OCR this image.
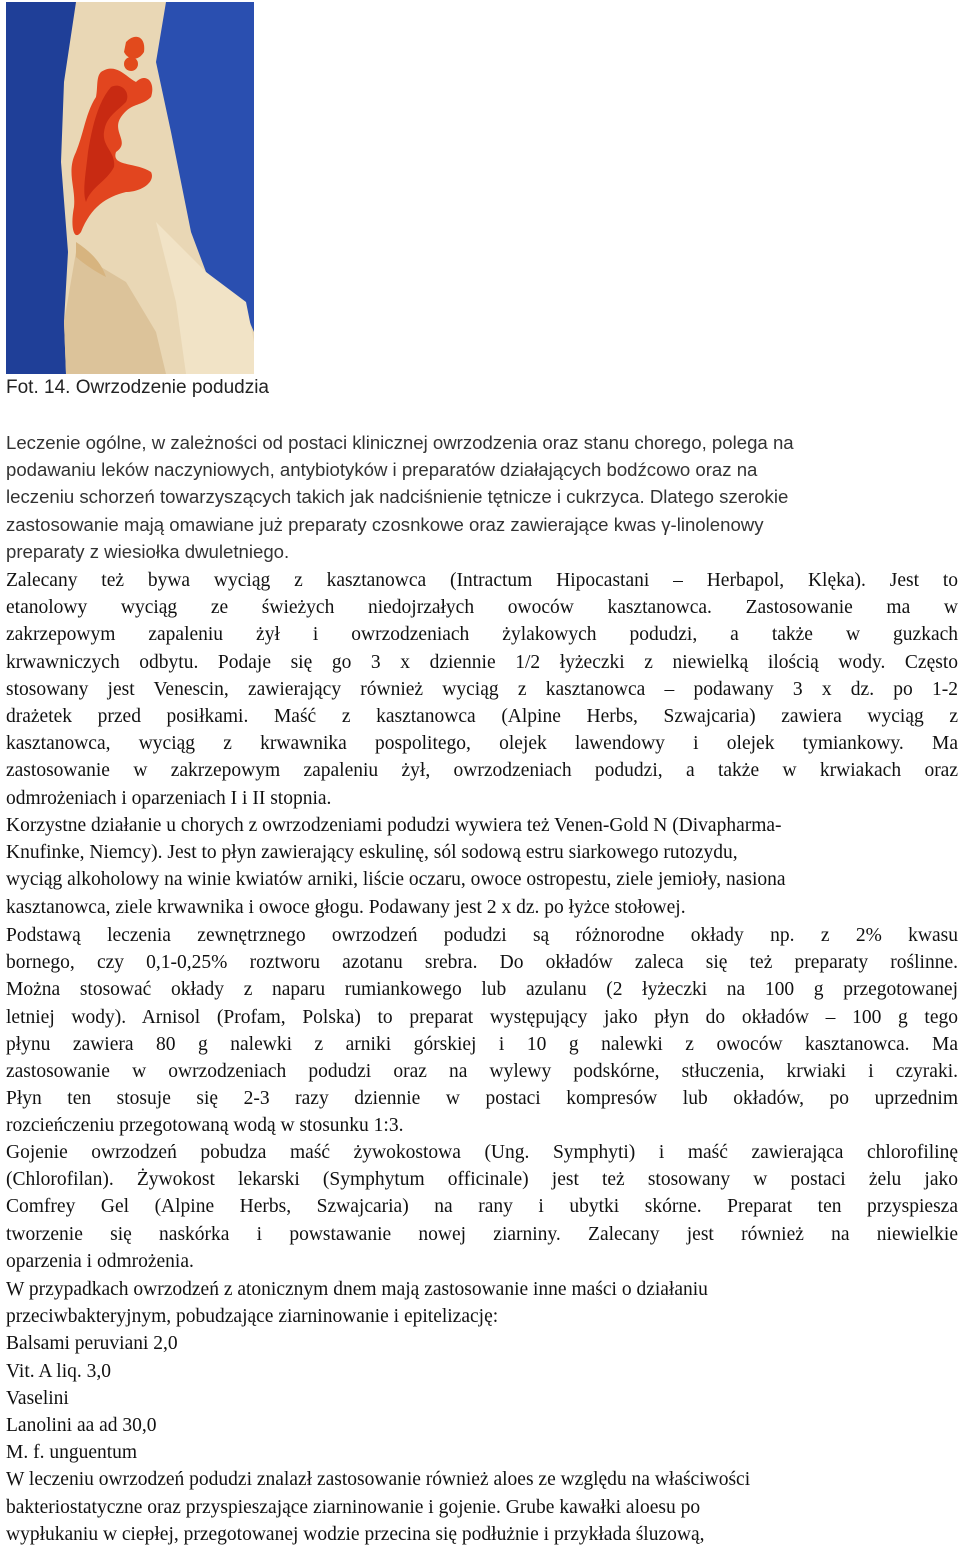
Fot. 14. Owrzodzenie podudzia
Leczenie ogólne, w zależności od postaci klinicznej owrzodzenia oraz stanu chorego, polega na
podawaniu leków naczyniowych, antybiotyków i preparatów działających bodźcowo oraz na
leczeniu schorzeń towarzyszących takich jak nadciśnienie tętnicze i cukrzyca. Dlatego szerokie
zastosowanie mają omawiane już preparaty czosnkowe oraz zawierające kwas γ-linolenowy
preparaty z wiesiołka dwuletniego.
Zalecany też bywa wyciąg z kasztanowca (Intractum Hipocastani – Herbapol, Klęka). Jest to
etanolowy wyciąg ze świeżych niedojrzałych owoców kasztanowca. Zastosowanie ma w
zakrzepowym zapaleniu żył i owrzodzeniach żylakowych podudzi, a także w guzkach
krwawniczych odbytu. Podaje się go 3 x dziennie 1/2 łyżeczki z niewielką ilością wody. Często
stosowany jest Venescin, zawierający również wyciąg z kasztanowca – podawany 3 x dz. po 1-2
drażetek przed posiłkami. Maść z kasztanowca (Alpine Herbs, Szwajcaria) zawiera wyciąg z
kasztanowca, wyciąg z krwawnika pospolitego, olejek lawendowy i olejek tymiankowy. Ma
zastosowanie w zakrzepowym zapaleniu żył, owrzodzeniach podudzi, a także w krwiakach oraz
odmrożeniach i oparzeniach I i II stopnia.
Korzystne działanie u chorych z owrzodzeniami podudzi wywiera też Venen-Gold N (Divapharma-
Knufinke, Niemcy). Jest to płyn zawierający eskulinę, sól sodową estru siarkowego rutozydu,
wyciąg alkoholowy na winie kwiatów arniki, liście oczaru, owoce ostropestu, ziele jemioły, nasiona
kasztanowca, ziele krwawnika i owoce głogu. Podawany jest 2 x dz. po łyżce stołowej.
Podstawą leczenia zewnętrznego owrzodzeń podudzi są różnorodne okłady np. z 2% kwasu
bornego, czy 0,1-0,25% roztworu azotanu srebra. Do okładów zaleca się też preparaty roślinne.
Można stosować okłady z naparu rumiankowego lub azulanu (2 łyżeczki na 100 g przegotowanej
letniej wody). Arnisol (Profam, Polska) to preparat występujący jako płyn do okładów – 100 g tego
płynu zawiera 80 g nalewki z arniki górskiej i 10 g nalewki z owoców kasztanowca. Ma
zastosowanie w owrzodzeniach podudzi oraz na wylewy podskórne, stłuczenia, krwiaki i czyraki.
Płyn ten stosuje się 2-3 razy dziennie w postaci kompresów lub okładów, po uprzednim
rozcieńczeniu przegotowaną wodą w stosunku 1:3.
Gojenie owrzodzeń pobudza maść żywokostowa (Ung. Symphyti) i maść zawierająca chlorofilinę
(Chlorofilan). Żywokost lekarski (Symphytum officinale) jest też stosowany w postaci żelu jako
Comfrey Gel (Alpine Herbs, Szwajcaria) na rany i ubytki skórne. Preparat ten przyspiesza
tworzenie się naskórka i powstawanie nowej ziarniny. Zalecany jest również na niewielkie
oparzenia i odmrożenia.
W przypadkach owrzodzeń z atonicznym dnem mają zastosowanie inne maści o działaniu
przeciwbakteryjnym, pobudzające ziarninowanie i epitelizację:
Balsami peruviani 2,0
Vit. A liq. 3,0
Vaselini
Lanolini aa ad 30,0
M. f. unguentum
W leczeniu owrzodzeń podudzi znalazł zastosowanie również aloes ze względu na właściwości
bakteriostatyczne oraz przyspieszające ziarninowanie i gojenie. Grube kawałki aloesu po
wypłukaniu w ciepłej, przegotowanej wodzie przecina się podłużnie i przykłada śluzową,
